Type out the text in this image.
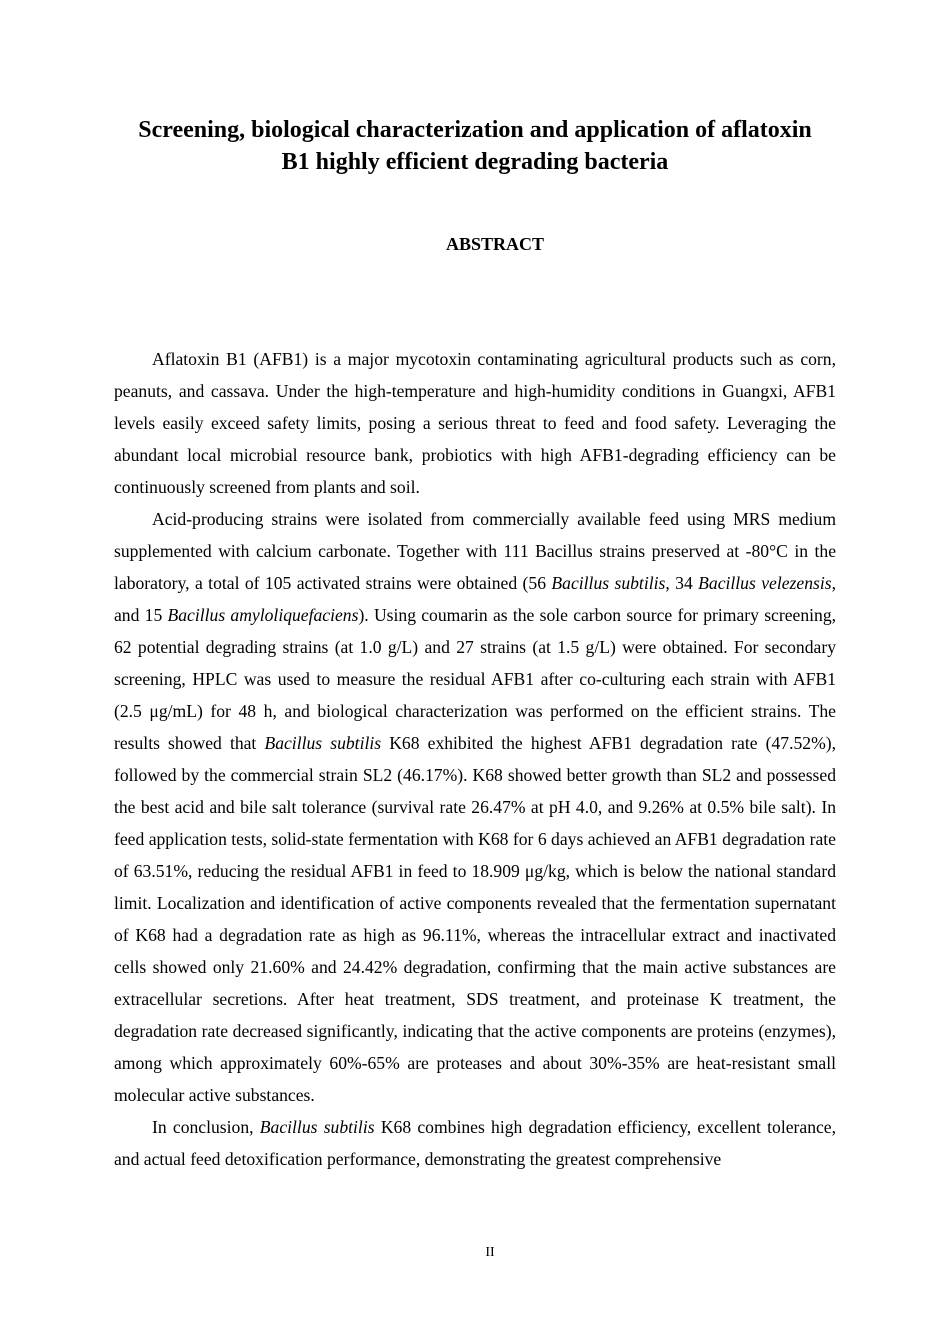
Screening, biological characterization and application of aflatoxin
B1 highly efficient degrading bacteria
ABSTRACT

Aflatoxin B1 (AFB1) is a major mycotoxin contaminating agricultural products such as corn, peanuts, and cassava. Under the high-temperature and high-humidity conditions in Guangxi, AFB1 levels easily exceed safety limits, posing a serious threat to feed and food safety. Leveraging the abundant local microbial resource bank, probiotics with high AFB1-degrading efficiency can be continuously screened from plants and soil.

Acid-producing strains were isolated from commercially available feed using MRS medium supplemented with calcium carbonate. Together with 111 Bacillus strains preserved at -80°C in the laboratory, a total of 105 activated strains were obtained (56 Bacillus subtilis, 34 Bacillus velezensis, and 15 Bacillus amyloliquefaciens). Using coumarin as the sole carbon source for primary screening, 62 potential degrading strains (at 1.0 g/L) and 27 strains (at 1.5 g/L) were obtained. For secondary screening, HPLC was used to measure the residual AFB1 after co-culturing each strain with AFB1 (2.5 μg/mL) for 48 h, and biological characterization was performed on the efficient strains. The results showed that Bacillus subtilis K68 exhibited the highest AFB1 degradation rate (47.52%), followed by the commercial strain SL2 (46.17%). K68 showed better growth than SL2 and possessed the best acid and bile salt tolerance (survival rate 26.47% at pH 4.0, and 9.26% at 0.5% bile salt). In feed application tests, solid-state fermentation with K68 for 6 days achieved an AFB1 degradation rate of 63.51%, reducing the residual AFB1 in feed to 18.909 μg/kg, which is below the national standard limit. Localization and identification of active components revealed that the fermentation supernatant of K68 had a degradation rate as high as 96.11%, whereas the intracellular extract and inactivated cells showed only 21.60% and 24.42% degradation, confirming that the main active substances are extracellular secretions. After heat treatment, SDS treatment, and proteinase K treatment, the degradation rate decreased significantly, indicating that the active components are proteins (enzymes), among which approximately 60%-65% are proteases and about 30%-35% are heat-resistant small molecular active substances.

In conclusion, Bacillus subtilis K68 combines high degradation efficiency, excellent tolerance, and actual feed detoxification performance, demonstrating the greatest comprehensive

II
